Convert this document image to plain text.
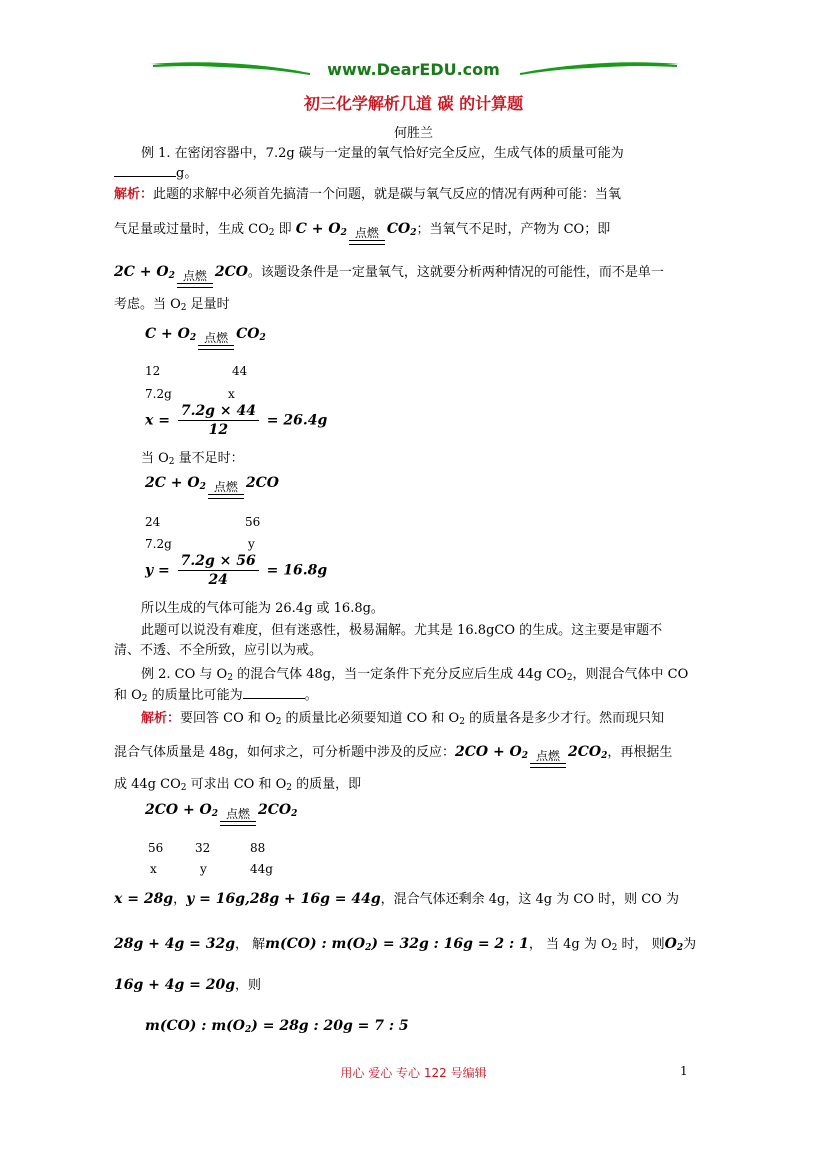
www.DearEDU.com
初三化学解析几道 碳 的计算题
何胜兰
例 1. 在密闭容器中，7.2g 碳与一定量的氧气恰好完全反应，生成气体的质量可能为
g。
解析：此题的求解中必须首先搞清一个问题，就是碳与氧气反应的情况有两种可能：当氧
气足量或过量时，生成 $CO_2$ 即 $C + O_2$ 点燃 $CO_2$；当氧气不足时，产物为 CO；即
$2C + O_2$ 点燃 2CO。该题设条件是一定量氧气，这就要分析两种情况的可能性，而不是单一
考虑。当 $O_2$ 足量时
$C + O_2$ 点燃 $CO_2$
12	44
7.2g	x
$x = \frac{7.2g \times 44}{12} = 26.4g$
当 $O_2$ 量不足时：
$2C + O_2$ 点燃 2CO
24	56
7.2g	y
$y = \frac{7.2g \times 56}{24} = 16.8g$
所以生成的气体可能为 26.4g 或 16.8g。
此题可以说没有难度，但有迷惑性，极易漏解。尤其是 16.8gCO 的生成。这主要是审题不
清、不透、不全所致，应引以为戒。
例 2. CO 与 $O_2$ 的混合气体 48g，当一定条件下充分反应后生成 44g $CO_2$，则混合气体中 CO
和 $O_2$ 的质量比可能为	。
解析：要回答 CO 和 $O_2$ 的质量比必须要知道 CO 和 $O_2$ 的质量各是多少才行。然而现只知
混合气体质量是 48g，如何求之，可分析题中涉及的反应：$2CO + O_2$ 点燃 $2CO_2$，再根据生
成 44g $CO_2$ 可求出 CO 和 $O_2$ 的质量，即
$2CO + O_2$ 点燃 $2CO_2$
56	32	88
x	y	44g
x = 28g，y = 16g,28g + 16g = 44g，混合气体还剩余 4g，这 4g 为 CO 时，则 CO 为
28g + 4g = 32g， 解m(CO) : $m(O_2) = 32g$ : 16g = 2 : 1， 当 4g 为 $O_2$ 时， 则$O_2$为
16g + 4g = 20g，则
m(CO) : $m(O_2) = 28g$ : 20g = 7 : 5
用心 爱心 专心 122 号编辑	1
